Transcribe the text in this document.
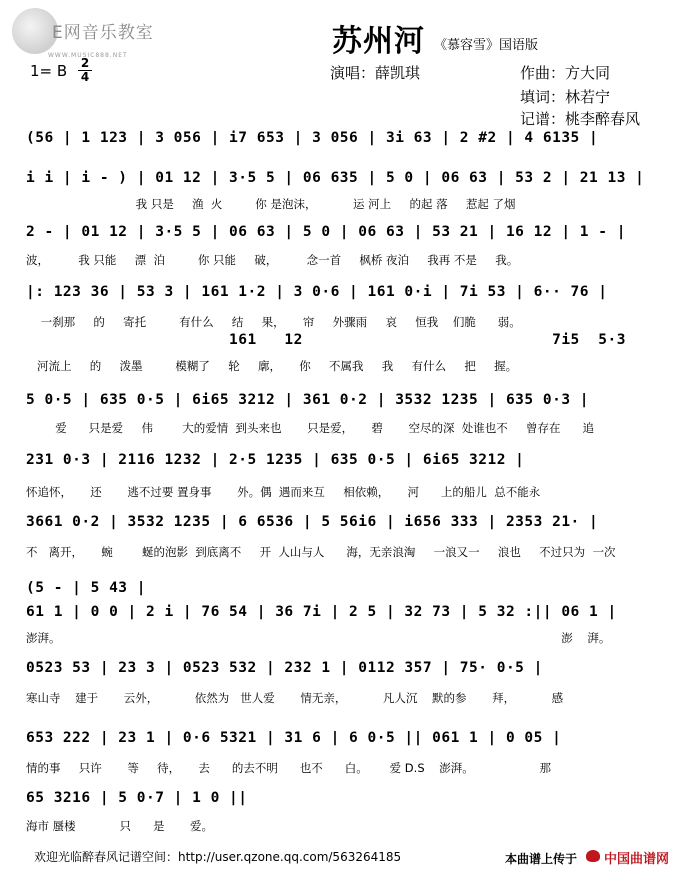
E网音乐教室
WWW.MUSIC888.NET	苏州河 《慕容雪》国语版
演唱：薛凯琪	作曲：方大同
填词：林若宁
记谱：桃李醉春风
1= B 2
4
(56 | 1 123 | 3 056 | i7 653 | 3 056 | 3i 63 | 2 #2 | 4 6135 |
i i | i - ) | 01 12 | 3·5 5 | 06 635 | 5 0 | 06 63 | 53 2 | 21 13 |
我 只是     渔  火         你 是泡沫，          运 河上     的起 落     惹起 了烟
2 - | 01 12 | 3·5 5 | 06 63 | 5 0 | 06 63 | 53 21 | 16 12 | 1 - |
波，        我 只能     漂  泊         你 只能     破，        念一首     枫桥 夜泊     我再 不是     我。
|: 123 36 | 53 3 | 161 1·2 | 3 0·6 | 161 0·i | 7i 53 | 6·· 76 |
一刹那     的     寄托         有什么     结     果，     帘     外骤雨     哀     恒我    们脆      弱。
161   12                           7i5  5·3
河流上     的     泼墨         模糊了     轮     廓，     你     不属我     我     有什么     把     握。
5 0·5 | 635 0·5 | 6i65 3212 | 361 0·2 | 3532 1235 | 635 0·3 |
爱      只是爱     伟        大的爱情  到头来也       只是爱，     碧       空尽的深  处谁也不     曾存在      追
231 0·3 | 2116 1232 | 2·5 1235 | 635 0·5 | 6i65 3212 |
怀追怀，     还       逃不过要 置身事       外。偶  遇而来互     相依赖，     河      上的船儿  总不能永
3661 0·2 | 3532 1235 | 6 6536 | 5 56i6 | i656 333 | 2353 21· |
不   离开，     蜿        蜒的泡影  到底离不     开  人山与人      海，无亲浪淘     一浪又一     浪也     不过只为  一次
(5 - | 5 43 |
61 1 | 0 0 | 2 i | 76 54 | 36 7i | 2 5 | 32 73 | 5 32 :|| 06 1 |
澎湃。                                                                                                                                         澎    湃。
0523 53 | 23 3 | 0523 532 | 232 1 | 0112 357 | 75· 0·5 |
寒山寺    建于       云外，          依然为   世人爱       情无亲，          凡人沉    默的参       拜，          感
653 222 | 23 1 | 0·6 5321 | 31 6 | 6 0·5 || 061 1 | 0 05 |
情的事     只许       等     待，     去      的去不明      也不      白。      爱 D.S    澎湃。                  那
65 3216 | 5 0·7 | 1 0 ||
海市 蜃楼            只      是       爱。
欢迎光临醉春风记谱空间：http://user.qzone.qq.com/563264185	本曲谱上传于 中国曲谱网
